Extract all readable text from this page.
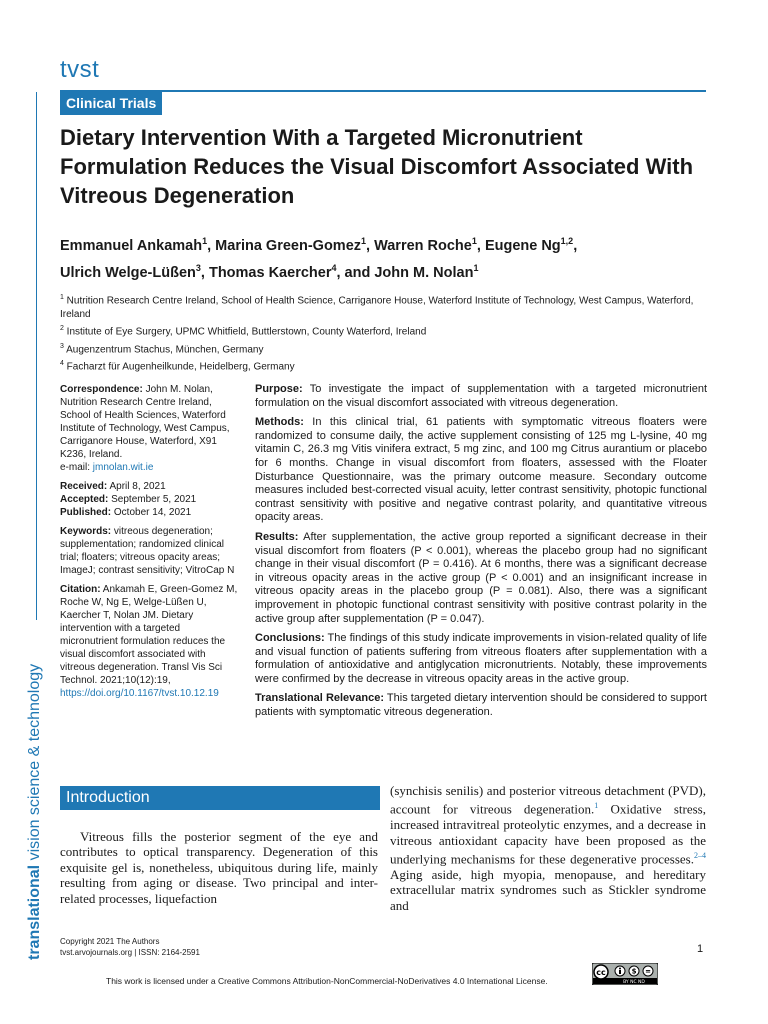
tvst
Clinical Trials
Dietary Intervention With a Targeted Micronutrient Formulation Reduces the Visual Discomfort Associated With Vitreous Degeneration
Emmanuel Ankamah$^1$, Marina Green-Gomez$^1$, Warren Roche$^1$, Eugene Ng$^{1,2}$,
Ulrich Welge-Lüßen$^3$, Thomas Kaercher$^4$, and John M. Nolan$^1$
$^1$ Nutrition Research Centre Ireland, School of Health Science, Carriganore House, Waterford Institute of Technology, West Campus, Waterford, Ireland
$^2$ Institute of Eye Surgery, UPMC Whitfield, Buttlerstown, County Waterford, Ireland
$^3$ Augenzentrum Stachus, München, Germany
$^4$ Facharzt für Augenheilkunde, Heidelberg, Germany
Correspondence: John M. Nolan, Nutrition Research Centre Ireland, School of Health Sciences, Waterford Institute of Technology, West Campus, Carriganore House, Waterford, X91 K236, Ireland.
e-mail: jmnolan.wit.ie
Received: April 8, 2021
Accepted: September 5, 2021
Published: October 14, 2021
Keywords: vitreous degeneration; supplementation; randomized clinical trial; floaters; vitreous opacity areas; ImageJ; contrast sensitivity; VitroCap N
Citation: Ankamah E, Green-Gomez M, Roche W, Ng E, Welge-Lüßen U, Kaercher T, Nolan JM. Dietary intervention with a targeted micronutrient formulation reduces the visual discomfort associated with vitreous degeneration. Transl Vis Sci Technol. 2021;10(12):19, https://doi.org/10.1167/tvst.10.12.19
Purpose: To investigate the impact of supplementation with a targeted micronutrient formulation on the visual discomfort associated with vitreous degeneration.
Methods: In this clinical trial, 61 patients with symptomatic vitreous floaters were randomized to consume daily, the active supplement consisting of 125 mg L-lysine, 40 mg vitamin C, 26.3 mg Vitis vinifera extract, 5 mg zinc, and 100 mg Citrus aurantium or placebo for 6 months. Change in visual discomfort from floaters, assessed with the Floater Disturbance Questionnaire, was the primary outcome measure. Secondary outcome measures included best-corrected visual acuity, letter contrast sensitivity, photopic functional contrast sensitivity with positive and negative contrast polarity, and quantitative vitreous opacity areas.
Results: After supplementation, the active group reported a significant decrease in their visual discomfort from floaters (P < 0.001), whereas the placebo group had no significant change in their visual discomfort (P = 0.416). At 6 months, there was a significant decrease in vitreous opacity areas in the active group (P < 0.001) and an insignificant increase in vitreous opacity areas in the placebo group (P = 0.081). Also, there was a significant improvement in photopic functional contrast sensitivity with positive contrast polarity in the active group after supplementation (P = 0.047).
Conclusions: The findings of this study indicate improvements in vision-related quality of life and visual function of patients suffering from vitreous floaters after supplementation with a formulation of antioxidative and antiglycation micronutrients. Notably, these improvements were confirmed by the decrease in vitreous opacity areas in the active group.
Translational Relevance: This targeted dietary intervention should be considered to support patients with symptomatic vitreous degeneration.
translational vision science & technology	Introduction
Vitreous fills the posterior segment of the eye and contributes to optical transparency. Degeneration of this exquisite gel is, nonetheless, ubiquitous during life, mainly resulting from aging or disease. Two principal and inter-related processes, liquefaction
(synchisis senilis) and posterior vitreous detachment (PVD), account for vitreous degeneration.$^1$ Oxidative stress, increased intravitreal proteolytic enzymes, and a decrease in vitreous antioxidant capacity have been proposed as the underlying mechanisms for these degenerative processes.$^{2-4}$ Aging aside, high myopia, menopause, and hereditary extracellular matrix syndromes such as Stickler syndrome and
Copyright 2021 The Authors
tvst.arvojournals.org | ISSN: 2164-2591	1
This work is licensed under a Creative Commons Attribution-NonCommercial-NoDerivatives 4.0 International License.
cc	$ =
BY NC ND
